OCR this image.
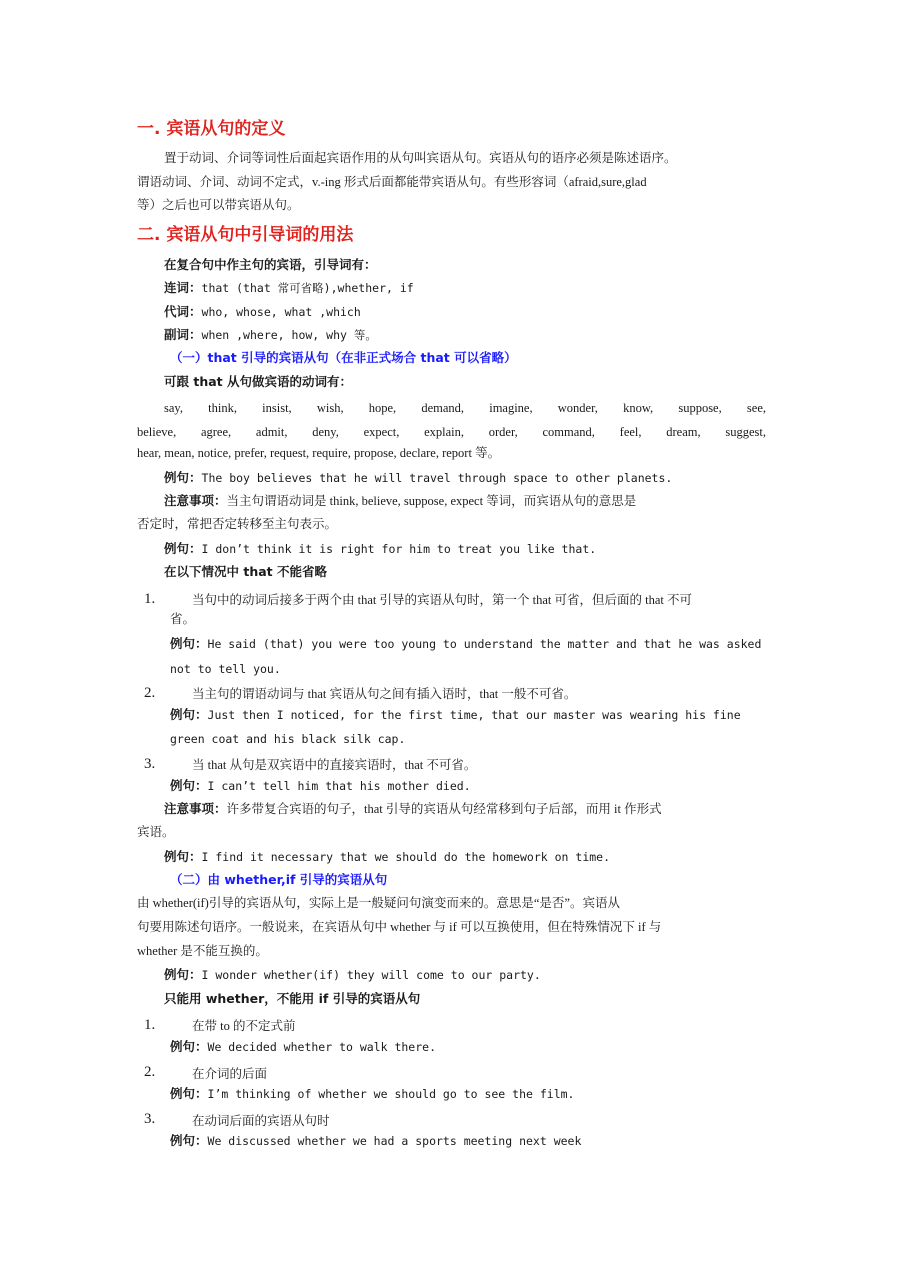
一. 宾语从句的定义
置于动词、介词等词性后面起宾语作用的从句叫宾语从句。宾语从句的语序必须是陈述语序。
谓语动词、介词、动词不定式，v.-ing 形式后面都能带宾语从句。有些形容词（afraid,sure,glad
等）之后也可以带宾语从句。
二. 宾语从句中引导词的用法
在复合句中作主句的宾语，引导词有：
连词：that (that 常可省略),whether, if
代词：who, whose, what ,which
副词：when ,where, how, why 等。
（一）that 引导的宾语从句（在非正式场合 that 可以省略）
可跟 that 从句做宾语的动词有：
say, think, insist, wish, hope, demand, imagine, wonder, know, suppose, see,
believe, agree, admit, deny, expect, explain, order, command, feel, dream, suggest,
hear, mean, notice, prefer, request, require, propose, declare, report 等。
例句：The boy believes that he will travel through space to other planets.
注意事项：当主句谓语动词是 think, believe, suppose, expect 等词，而宾语从句的意思是
否定时，常把否定转移至主句表示。
例句：I don’t think it is right for him to treat you like that.
在以下情况中 that 不能省略
1.	当句中的动词后接多于两个由 that 引导的宾语从句时，第一个 that 可省，但后面的 that 不可
省。
例句：He said (that) you were too young to understand the matter and that he was asked
not to tell you.
2.	当主句的谓语动词与 that 宾语从句之间有插入语时，that 一般不可省。
例句：Just then I noticed, for the first time, that our master was wearing his fine
green coat and his black silk cap.
3.	当 that 从句是双宾语中的直接宾语时，that 不可省。
例句：I can’t tell him that his mother died.
注意事项：许多带复合宾语的句子，that 引导的宾语从句经常移到句子后部，而用 it 作形式
宾语。
例句：I find it necessary that we should do the homework on time.
（二）由 whether,if 引导的宾语从句
由 whether(if)引导的宾语从句，实际上是一般疑问句演变而来的。意思是“是否”。宾语从
句要用陈述句语序。一般说来，在宾语从句中 whether 与 if 可以互换使用，但在特殊情况下 if 与
whether 是不能互换的。
例句：I wonder whether(if) they will come to our party.
只能用 whether，不能用 if 引导的宾语从句
1.	在带 to 的不定式前
例句：We decided whether to walk there.
2.	在介词的后面
例句：I’m thinking of whether we should go to see the film.
3.	在动词后面的宾语从句时
例句：We discussed whether we had a sports meeting next week
